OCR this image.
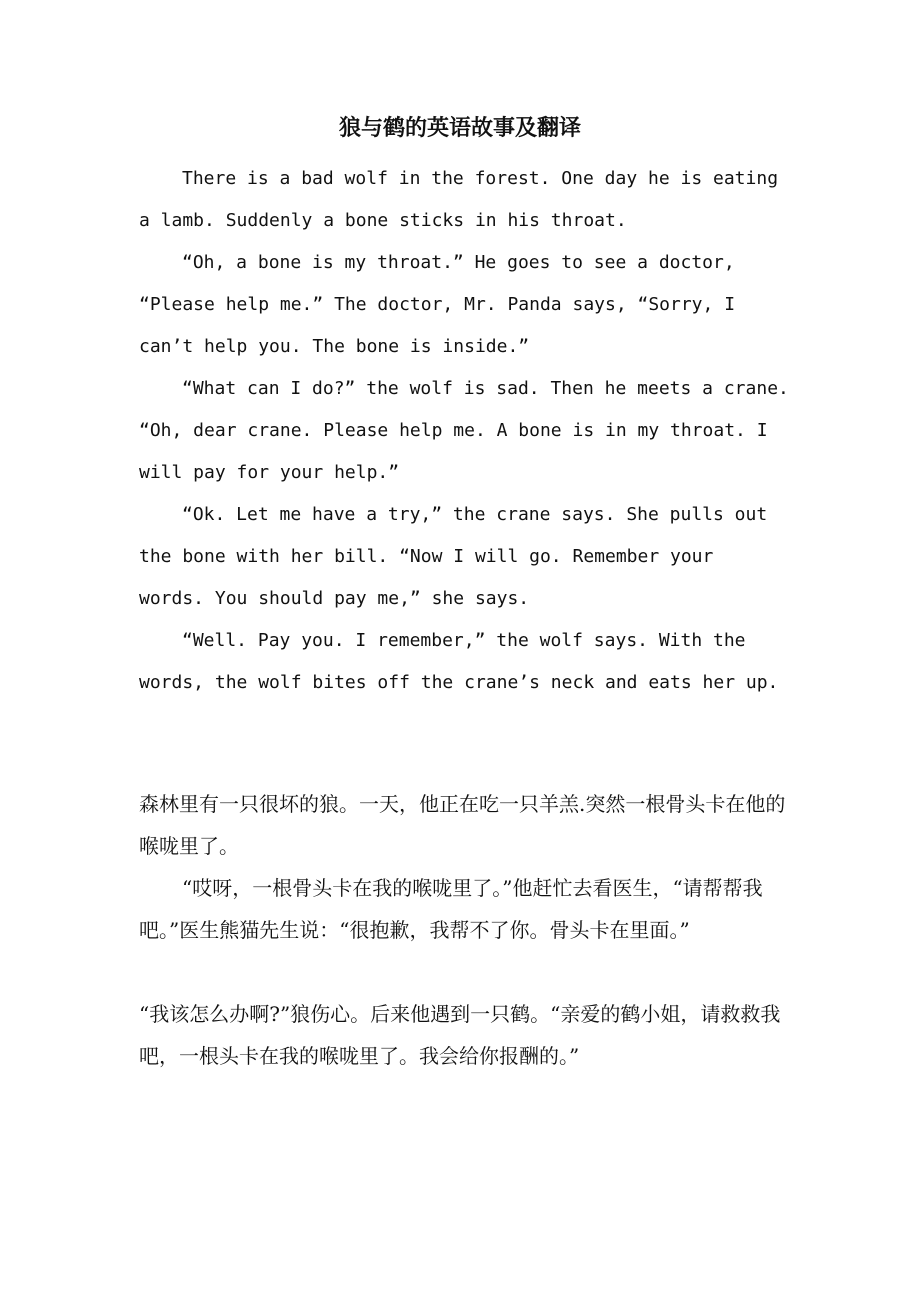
狼与鹤的英语故事及翻译

There is a bad wolf in the forest. One day he is eating a lamb. Suddenly a bone sticks in his throat.

“Oh, a bone is my throat.” He goes to see a doctor, “Please help me.” The doctor, Mr. Panda says, “Sorry, I can’t help you. The bone is inside.”

“What can I do?” the wolf is sad. Then he meets a crane. “Oh, dear crane. Please help me. A bone is in my throat. I will pay for your help.”

“Ok. Let me have a try,” the crane says. She pulls out the bone with her bill. “Now I will go. Remember your words. You should pay me,” she says.

“Well. Pay you. I remember,” the wolf says. With the words, the wolf bites off the crane’s neck and eats her up.

森林里有一只很坏的狼。一天，他正在吃一只羊羔.突然一根骨头卡在他的喉咙里了。

“哎呀，一根骨头卡在我的喉咙里了。”他赶忙去看医生，“请帮帮我吧。”医生熊猫先生说：“很抱歉，我帮不了你。骨头卡在里面。”

“我该怎么办啊?”狼伤心。后来他遇到一只鹤。“亲爱的鹤小姐，请救救我吧，一根头卡在我的喉咙里了。我会给你报酬的。”
